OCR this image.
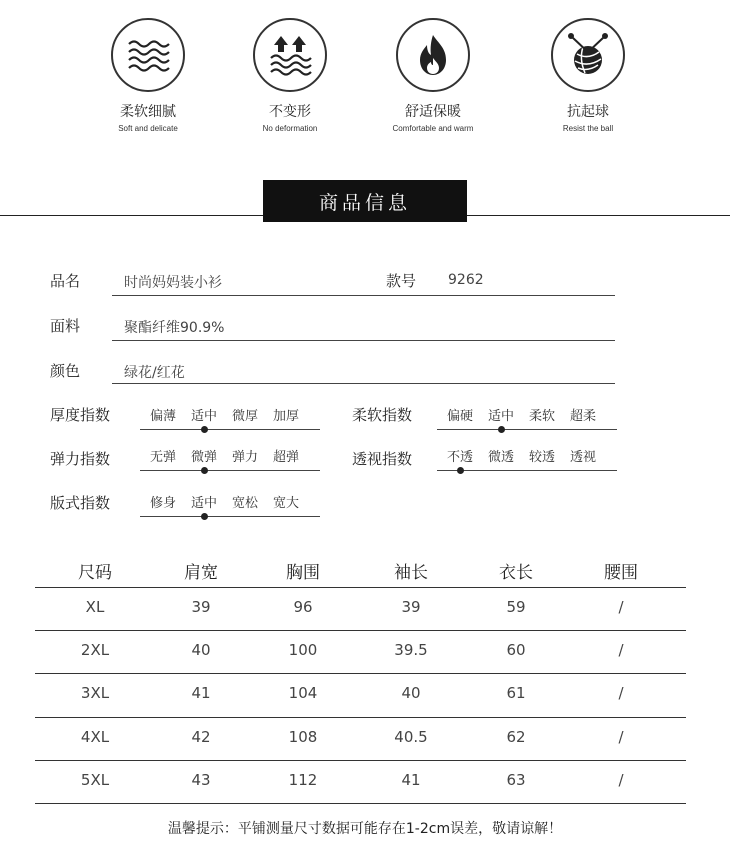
柔软细腻
Soft and delicate
不变形
No deformation
舒适保暖
Comfortable and warm
抗起球
Resist the ball
商品信息
品名	时尚妈妈装小衫	款号 9262
面料	聚酯纤维90.9%
颜色	绿花/红花
厚度指数	偏薄 适中 微厚 加厚	柔软指数	偏硬 适中 柔软 超柔
弹力指数	无弹 微弹 弹力 超弹	透视指数	不透 微透 较透 透视
版式指数	修身 适中 宽松 宽大
尺码	肩宽	胸围	袖长	衣长	腰围
XL	39	96	39	59	/
2XL	40	100	39.5	60	/
3XL	41	104	40	61	/
4XL	42	108	40.5	62	/
5XL	43	112	41	63	/
温馨提示：平铺测量尺寸数据可能存在1-2cm误差，敬请谅解！
